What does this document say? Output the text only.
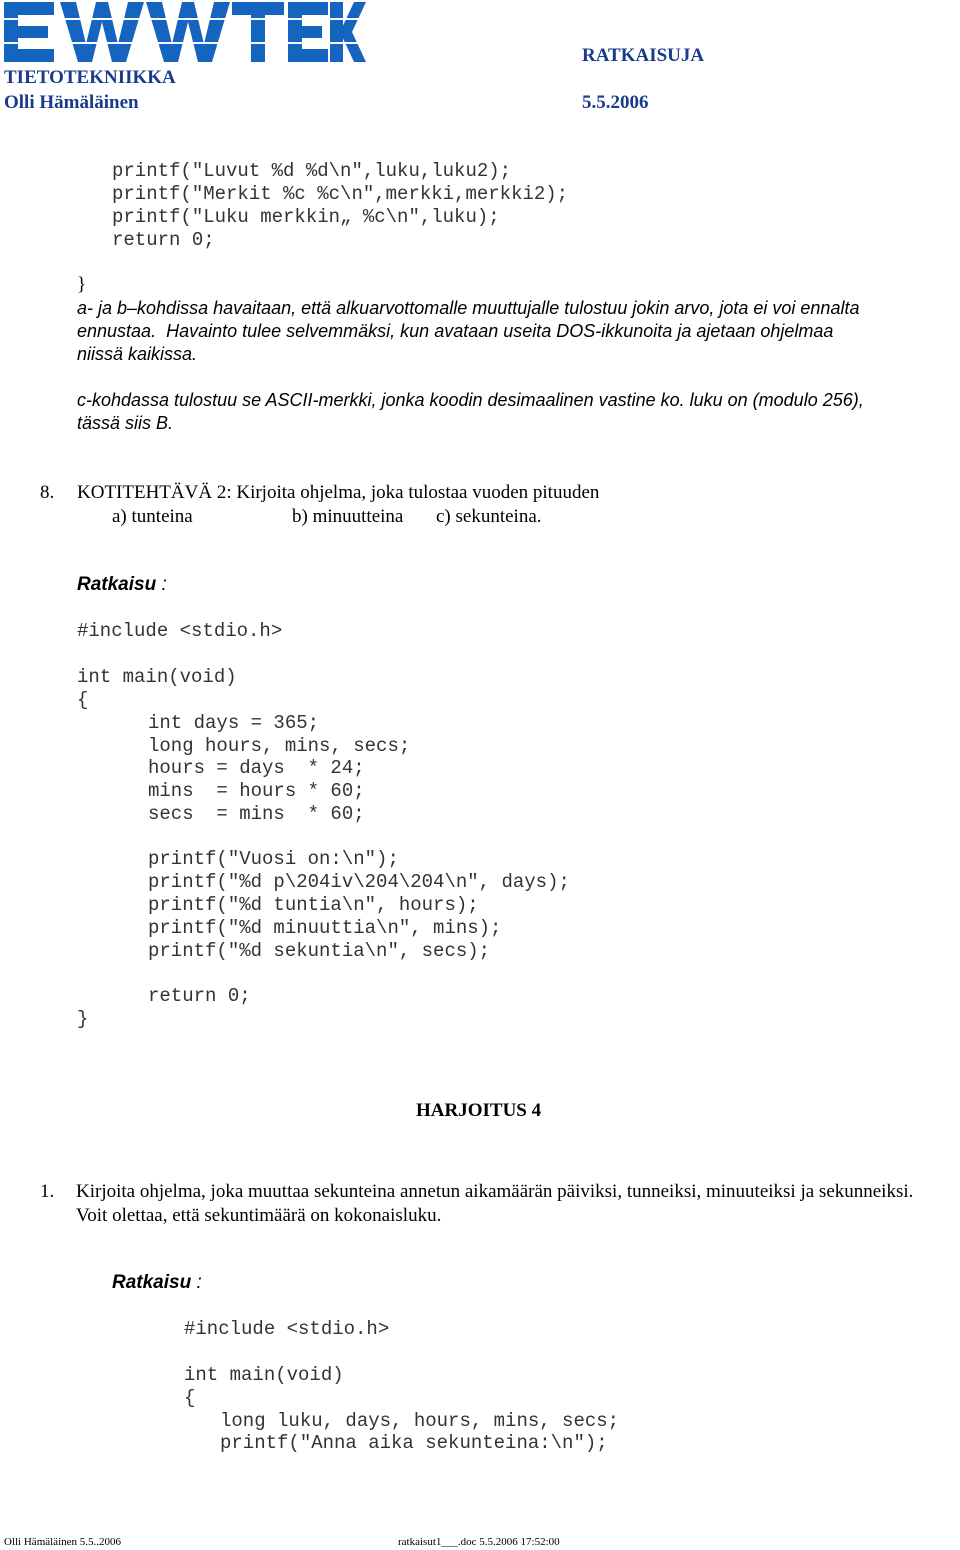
TIETOTEKNIIKKA
Olli Hämäläinen
RATKAISUJA
5.5.2006
printf("Luvut %d %d\n",luku,luku2);
printf("Merkit %c %c\n",merkki,merkki2);
printf("Luku merkkin„ %c\n",luku);
return 0;
}
a- ja b–kohdissa havaitaan, että alkuarvottomalle muuttujalle tulostuu jokin arvo, jota ei voi ennalta
ennustaa.  Havainto tulee selvemmäksi, kun avataan useita DOS-ikkunoita ja ajetaan ohjelmaa
niissä kaikissa.
c-kohdassa tulostuu se ASCII-merkki, jonka koodin desimaalinen vastine ko. luku on (modulo 256),
tässä siis B.
8. KOTITEHTÄVÄ 2: Kirjoita ohjelma, joka tulostaa vuoden pituuden
a) tunteina	b) minuutteina c) sekunteina.
Ratkaisu :
#include <stdio.h>
int main(void)
{
int days = 365;
long hours, mins, secs;
hours = days  * 24;
mins  = hours * 60;
secs  = mins  * 60;
printf("Vuosi on:\n");
printf("%d p\204iv\204\204\n", days);
printf("%d tuntia\n", hours);
printf("%d minuuttia\n", mins);
printf("%d sekuntia\n", secs);
return 0;
}
HARJOITUS 4
1. Kirjoita ohjelma, joka muuttaa sekunteina annetun aikamäärän päiviksi, tunneiksi, minuuteiksi ja sekunneiksi.
Voit olettaa, että sekuntimäärä on kokonaisluku.
Ratkaisu :
#include <stdio.h>
int main(void)
{
long luku, days, hours, mins, secs;
printf("Anna aika sekunteina:\n");
Olli Hämäläinen 5.5..2006	ratkaisut1___.doc 5.5.2006 17:52:00
